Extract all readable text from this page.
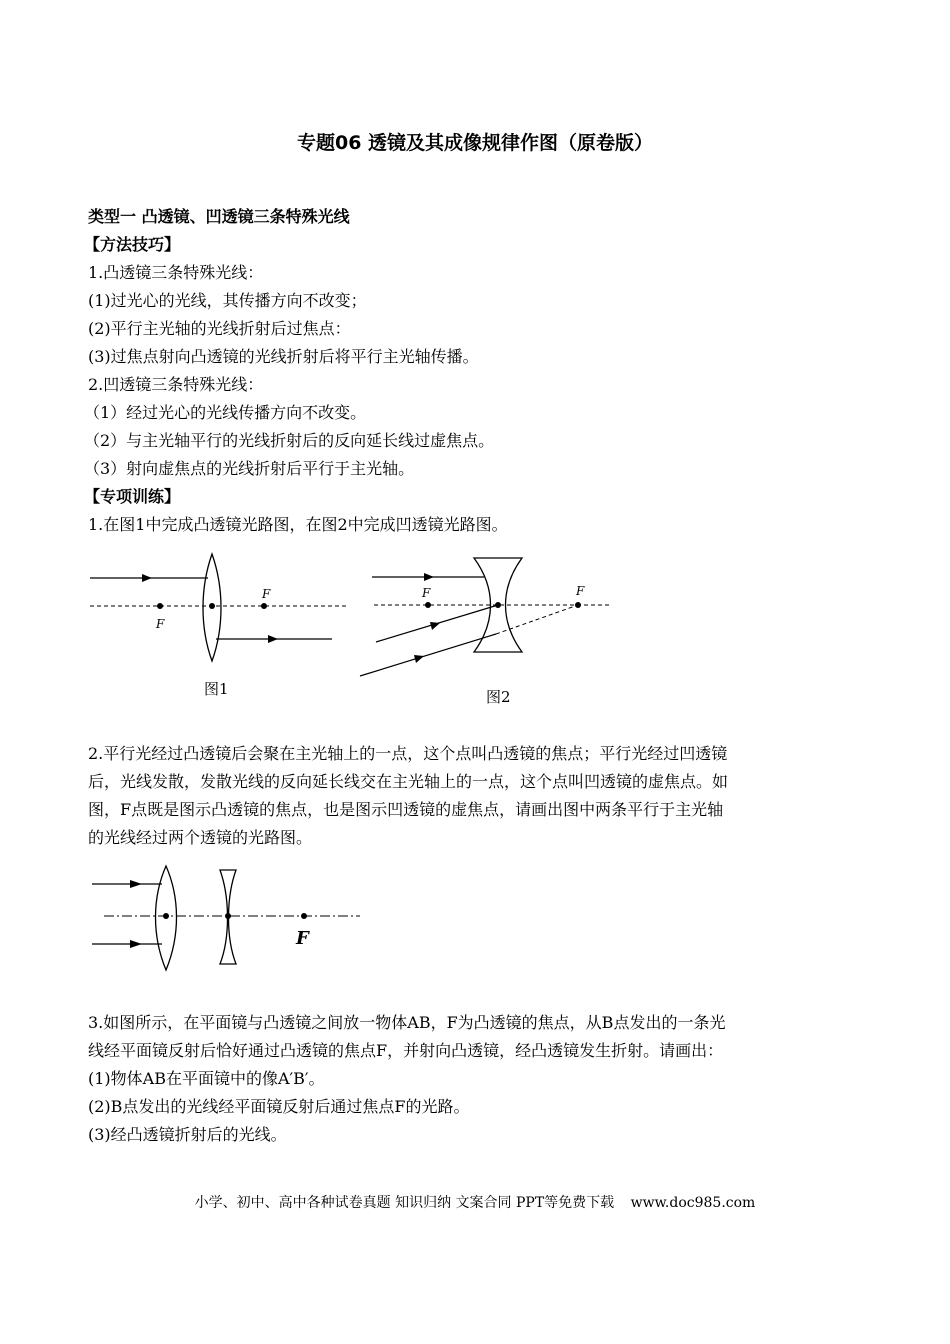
专题06 透镜及其成像规律作图（原卷版）
类型一 凸透镜、凹透镜三条特殊光线
【方法技巧】
1.凸透镜三条特殊光线：
(1)过光心的光线，其传播方向不改变；
(2)平行主光轴的光线折射后过焦点：
(3)过焦点射向凸透镜的光线折射后将平行主光轴传播。
2.凹透镜三条特殊光线：
（1）经过光心的光线传播方向不改变。
（2）与主光轴平行的光线折射后的反向延长线过虚焦点。
（3）射向虚焦点的光线折射后平行于主光轴。
【专项训练】
1.在图1中完成凸透镜光路图，在图2中完成凹透镜光路图。
F
F
图1
F	F
图2

2.平行光经过凸透镜后会聚在主光轴上的一点，这个点叫凸透镜的焦点；平行光经过凹透镜

后，光线发散，发散光线的反向延长线交在主光轴上的一点，这个点叫凹透镜的虚焦点。如

图，F点既是图示凸透镜的焦点，也是图示凹透镜的虚焦点，请画出图中两条平行于主光轴

的光线经过两个透镜的光路图。

F

3.如图所示，在平面镜与凸透镜之间放一物体AB，F为凸透镜的焦点，从B点发出的一条光

线经平面镜反射后恰好通过凸透镜的焦点F，并射向凸透镜，经凸透镜发生折射。请画出：

(1)物体AB在平面镜中的像A′B′。

(2)B点发出的光线经平面镜反射后通过焦点F的光路。

(3)经凸透镜折射后的光线。

小学、初中、高中各种试卷真题 知识归纳 文案合同 PPT等免费下载 www.doc985.com
